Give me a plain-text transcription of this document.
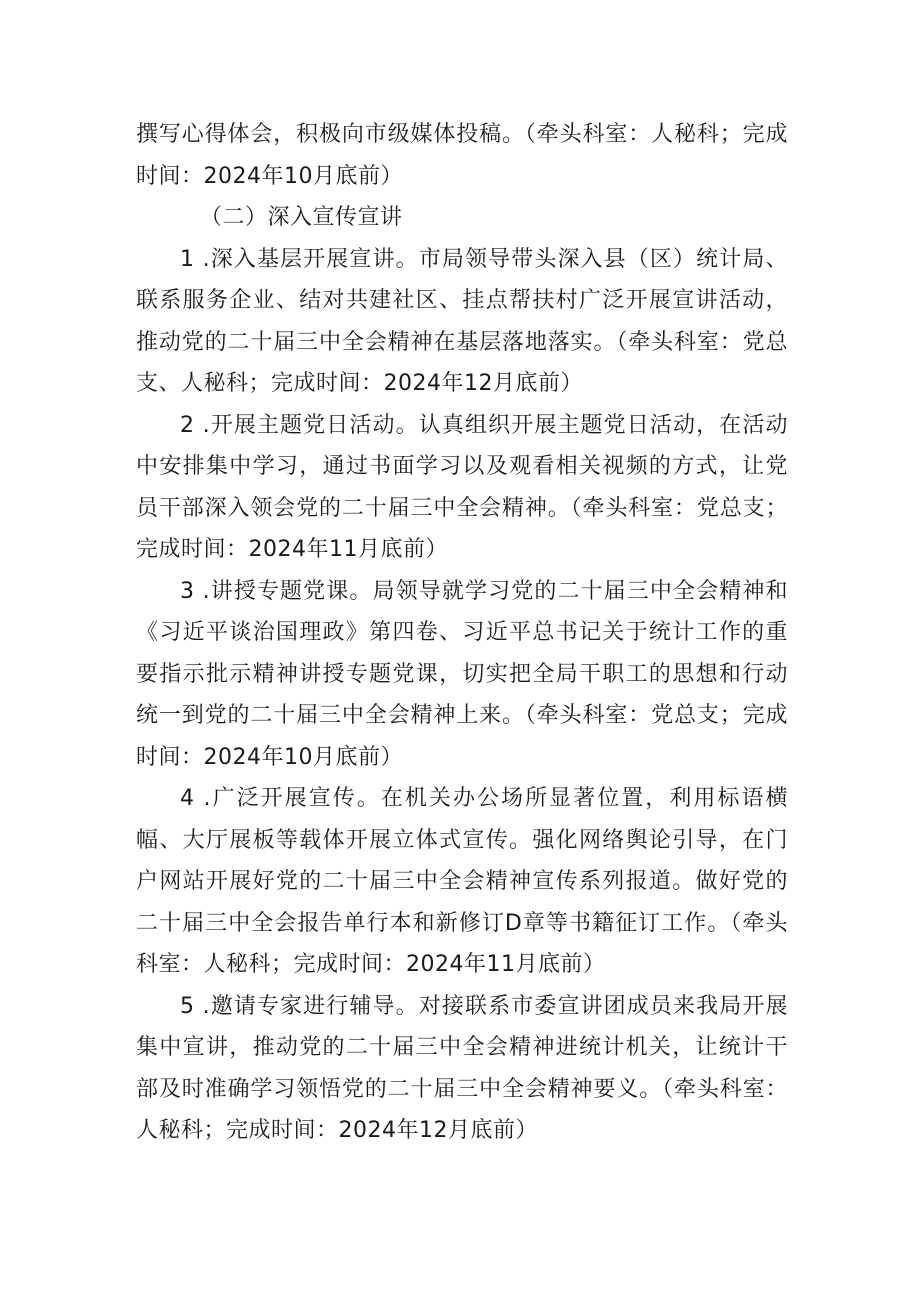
撰写心得体会，积极向市级媒体投稿。（牵头科室：人秘科；完成时间：2024年10月底前）

（二）深入宣传宣讲

1 .深入基层开展宣讲。市局领导带头深入县（区）统计局、联系服务企业、结对共建社区、挂点帮扶村广泛开展宣讲活动，推动党的二十届三中全会精神在基层落地落实。（牵头科室：党总支、人秘科；完成时间：2024年12月底前）

2 .开展主题党日活动。认真组织开展主题党日活动，在活动中安排集中学习，通过书面学习以及观看相关视频的方式，让党员干部深入领会党的二十届三中全会精神。（牵头科室：党总支；完成时间：2024年11月底前）

3 .讲授专题党课。局领导就学习党的二十届三中全会精神和《习近平谈治国理政》第四卷、习近平总书记关于统计工作的重要指示批示精神讲授专题党课，切实把全局干职工的思想和行动统一到党的二十届三中全会精神上来。（牵头科室：党总支；完成时间：2024年10月底前）

4 .广泛开展宣传。在机关办公场所显著位置，利用标语横幅、大厅展板等载体开展立体式宣传。强化网络舆论引导，在门户网站开展好党的二十届三中全会精神宣传系列报道。做好党的二十届三中全会报告单行本和新修订D章等书籍征订工作。（牵头科室：人秘科；完成时间：2024年11月底前）

5 .邀请专家进行辅导。对接联系市委宣讲团成员来我局开展集中宣讲，推动党的二十届三中全会精神进统计机关，让统计干部及时准确学习领悟党的二十届三中全会精神要义。（牵头科室：人秘科；完成时间：2024年12月底前）
